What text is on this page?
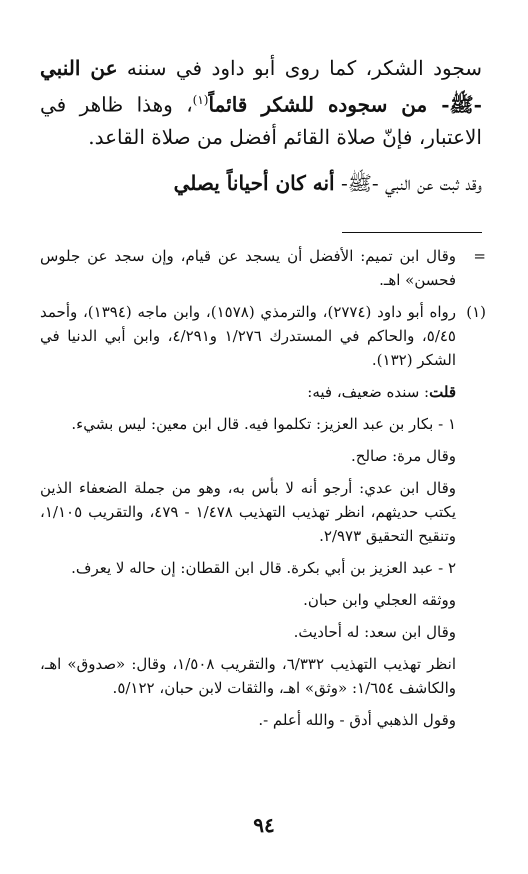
سجود الشكر، كما روى أبو داود في سننه عن النبي -ﷺ- من سجوده للشكر قائماً$^{(١)}$، وهذا ظاهر في الاعتبار، فإنّ صلاة القائم أفضل من صلاة القاعد.

وقد ثبت عن النبي -ﷺ- أنه كان أحياناً يصلي

=
وقال ابن تميم: الأفضل أن يسجد عن قيام، وإن سجد عن جلوس فحسن» اهـ.
(١)
رواه أبو داود (٢٧٧٤)، والترمذي (١٥٧٨)، وابن ماجه (١٣٩٤)، وأحمد ٥/٤٥، والحاكم في المستدرك ١/٢٧٦ و٤/٢٩١، وابن أبي الدنيا في الشكر (١٣٢).
قلت: سنده ضعيف، فيه:
١ - بكار بن عبد العزيز: تكلموا فيه. قال ابن معين: ليس بشيء.
وقال مرة: صالح.
وقال ابن عدي: أرجو أنه لا بأس به، وهو من جملة الضعفاء الذين يكتب حديثهم، انظر تهذيب التهذيب ١/٤٧٨ - ٤٧٩، والتقريب ١/١٠٥، وتنقيح التحقيق ٢/٩٧٣.
٢ - عبد العزيز بن أبي بكرة. قال ابن القطان: إن حاله لا يعرف.
ووثقه العجلي وابن حبان.
وقال ابن سعد: له أحاديث.
انظر تهذيب التهذيب ٦/٣٣٢، والتقريب ١/٥٠٨، وقال: «صدوق» اهـ، والكاشف ١/٦٥٤: «وثق» اهـ، والثقات لابن حبان، ٥/١٢٢.
وقول الذهبي أدق - والله أعلم -.
٩٤
